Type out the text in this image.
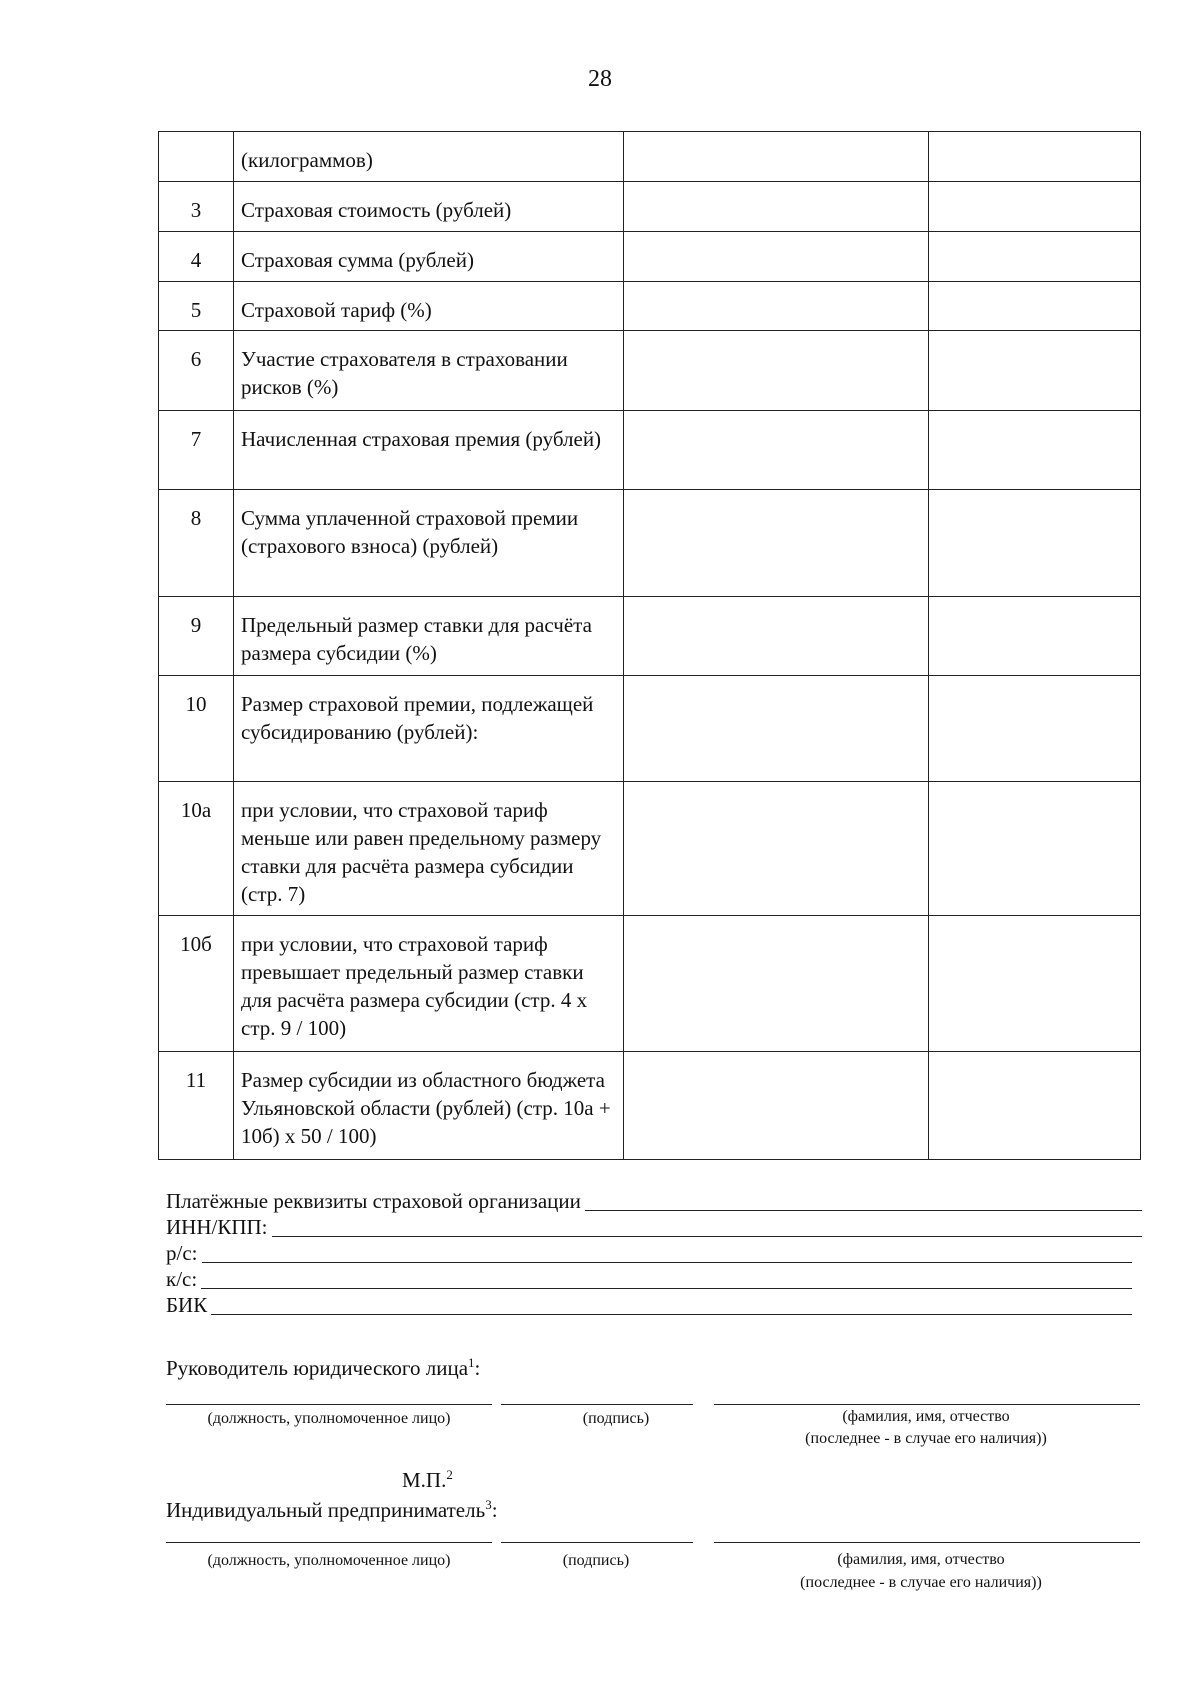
28
	(килограммов)		
3	Страховая стоимость (рублей)		
4	Страховая сумма (рублей)		
5	Страховой тариф (%)		
6	Участие страхователя в страховании рисков (%)		
7	Начисленная страховая премия (рублей)		
8	Сумма уплаченной страховой премии (страхового взноса) (рублей)		
9	Предельный размер ставки для расчёта размера субсидии (%)		
10	Размер страховой премии, подлежащей субсидированию (рублей):		
10а	при условии, что страховой тариф меньше или равен предельному размеру ставки для расчёта размера субсидии (стр. 7)		
10б	при условии, что страховой тариф превышает предельный размер ставки для расчёта размера субсидии (стр. 4 х стр. 9 / 100)		
11	Размер субсидии из областного бюджета Ульяновской области (рублей) (стр. 10а + 10б) х 50 / 100)		
Платёжные реквизиты страховой организации
ИНН/КПП:
р/с:
к/с:
БИК
Руководитель юридического лица$^1$:
(должность, уполномоченное лицо)	(подпись)	(фамилия, имя, отчество
(последнее - в случае его наличия))
М.П.$^2$
Индивидуальный предприниматель$^3$:
(должность, уполномоченное лицо)	(подпись)	(фамилия, имя, отчество
(последнее - в случае его наличия))
